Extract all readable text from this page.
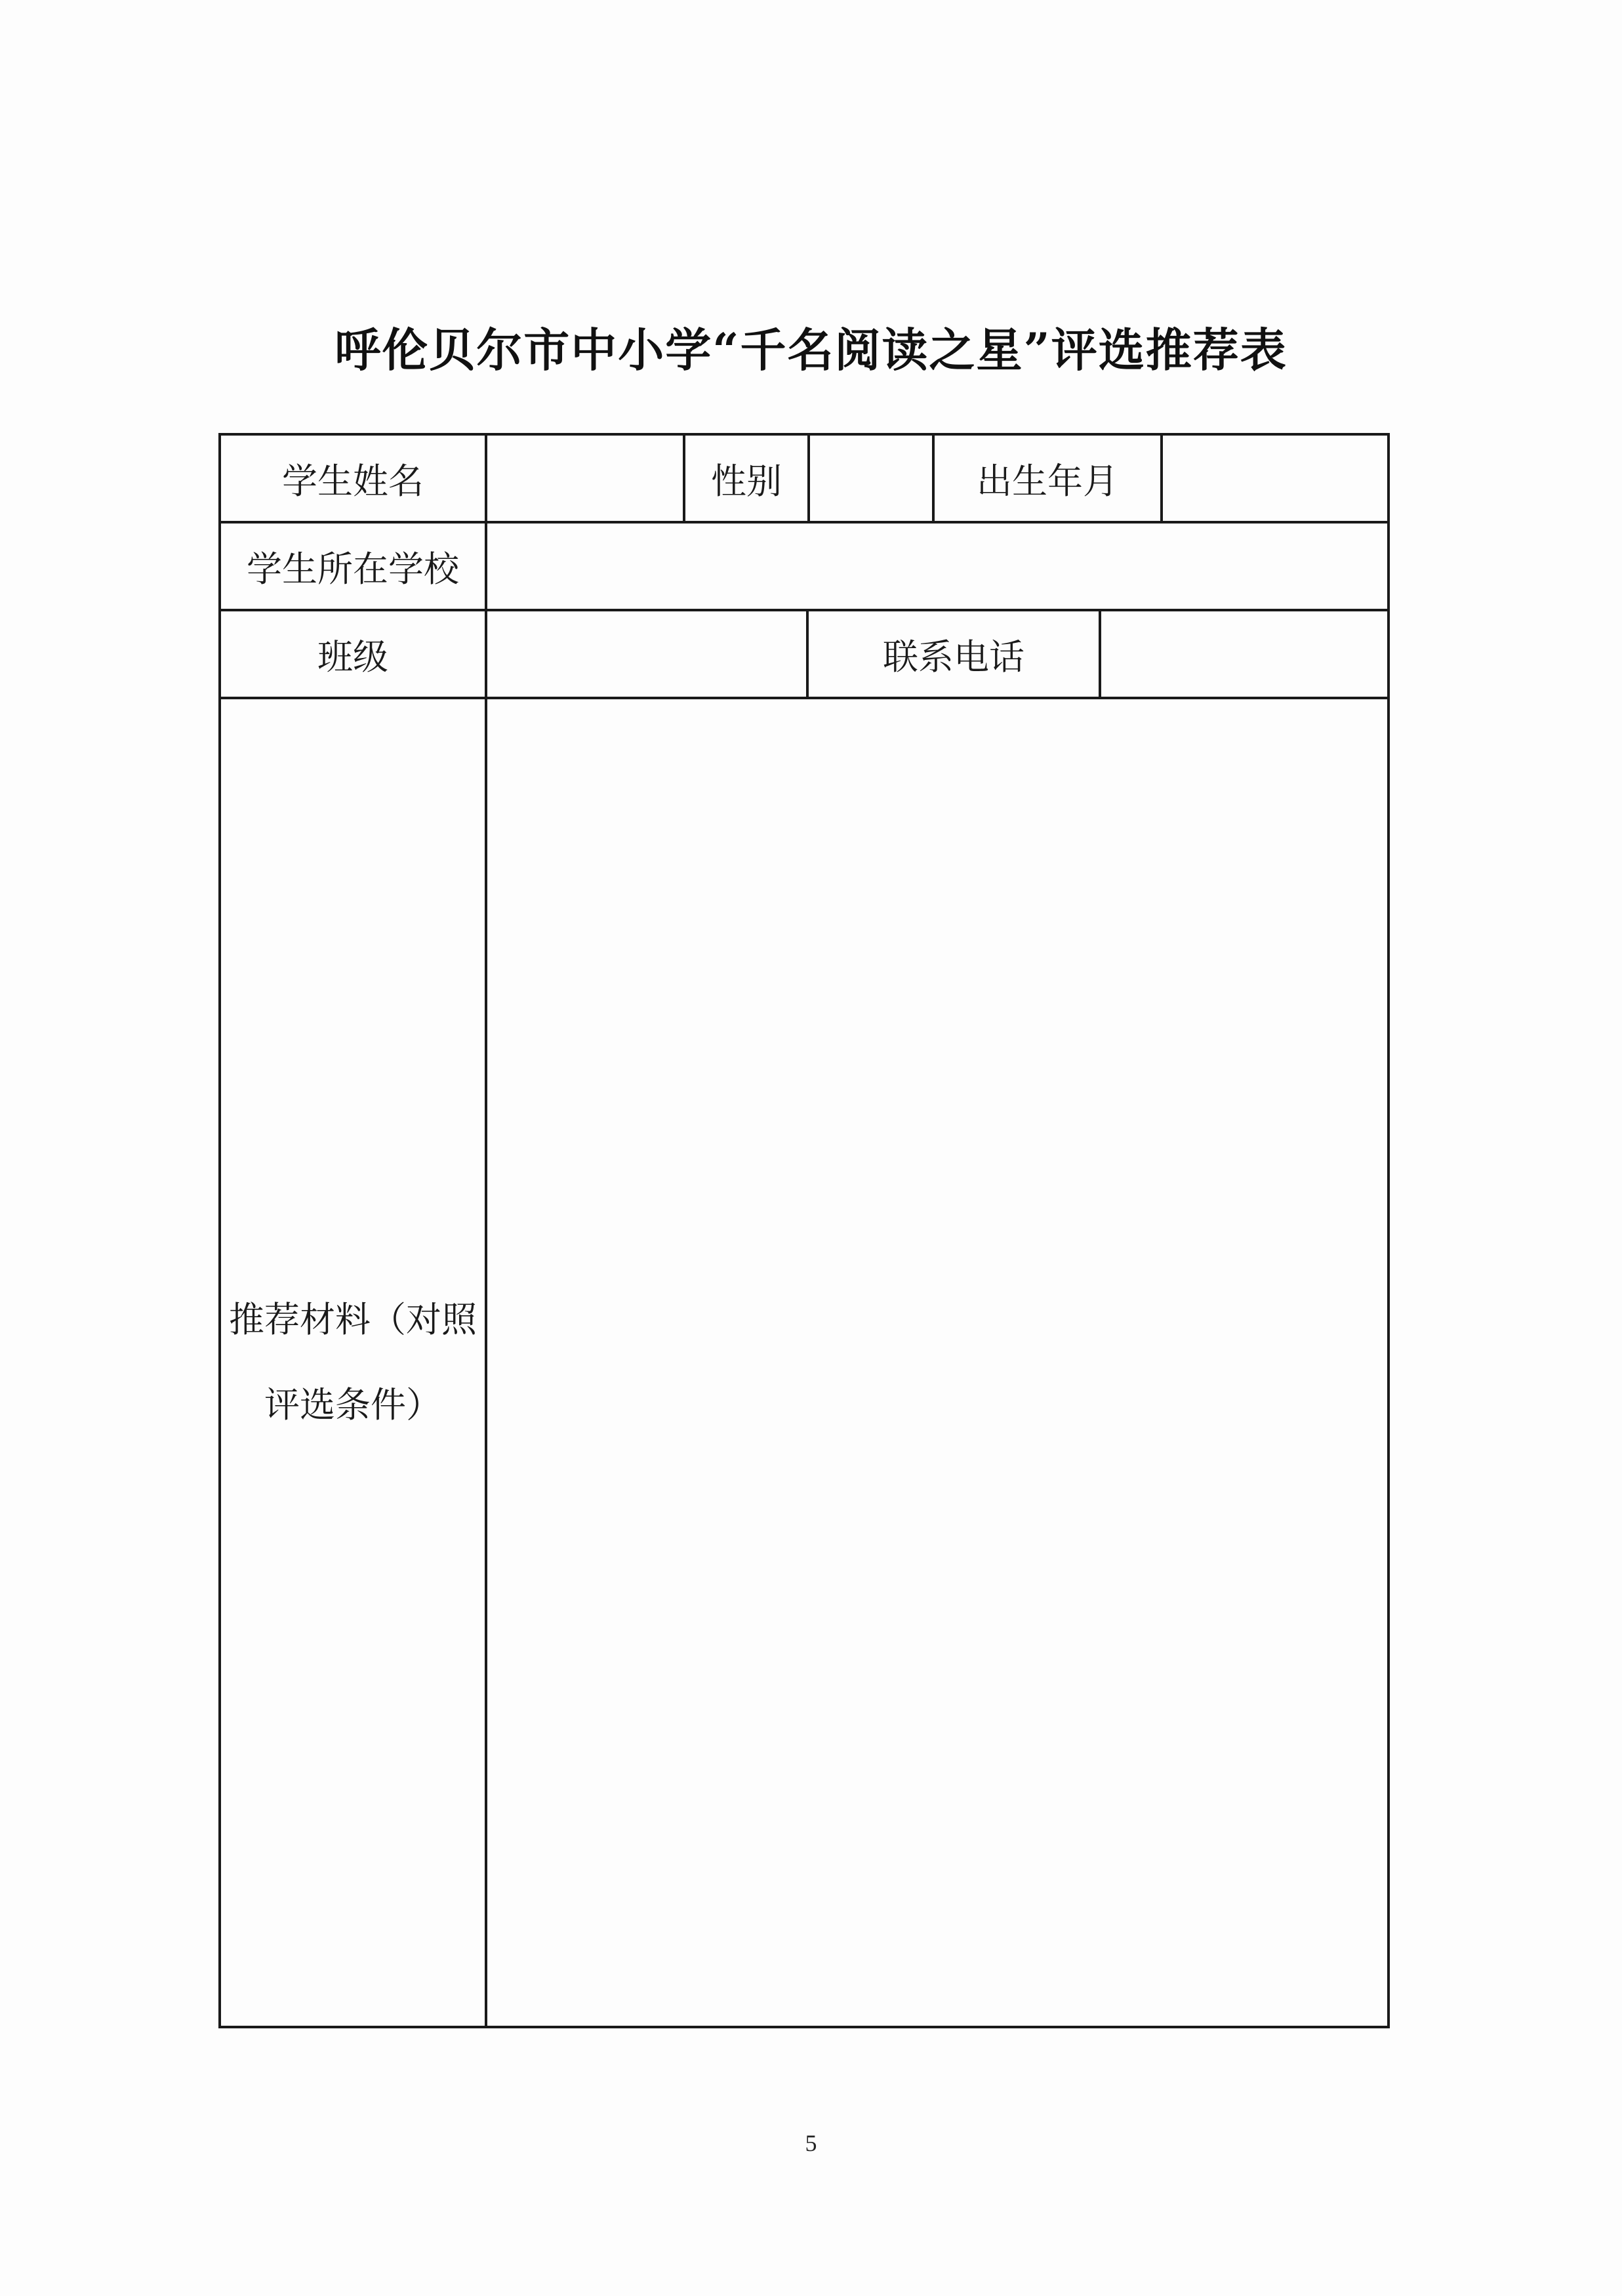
呼伦贝尔市中小学“千名阅读之星”评选推荐表
学生姓名	性别	出生年月
学生所在学校
班级	联系电话
推荐材料（对照
评选条件）
5
